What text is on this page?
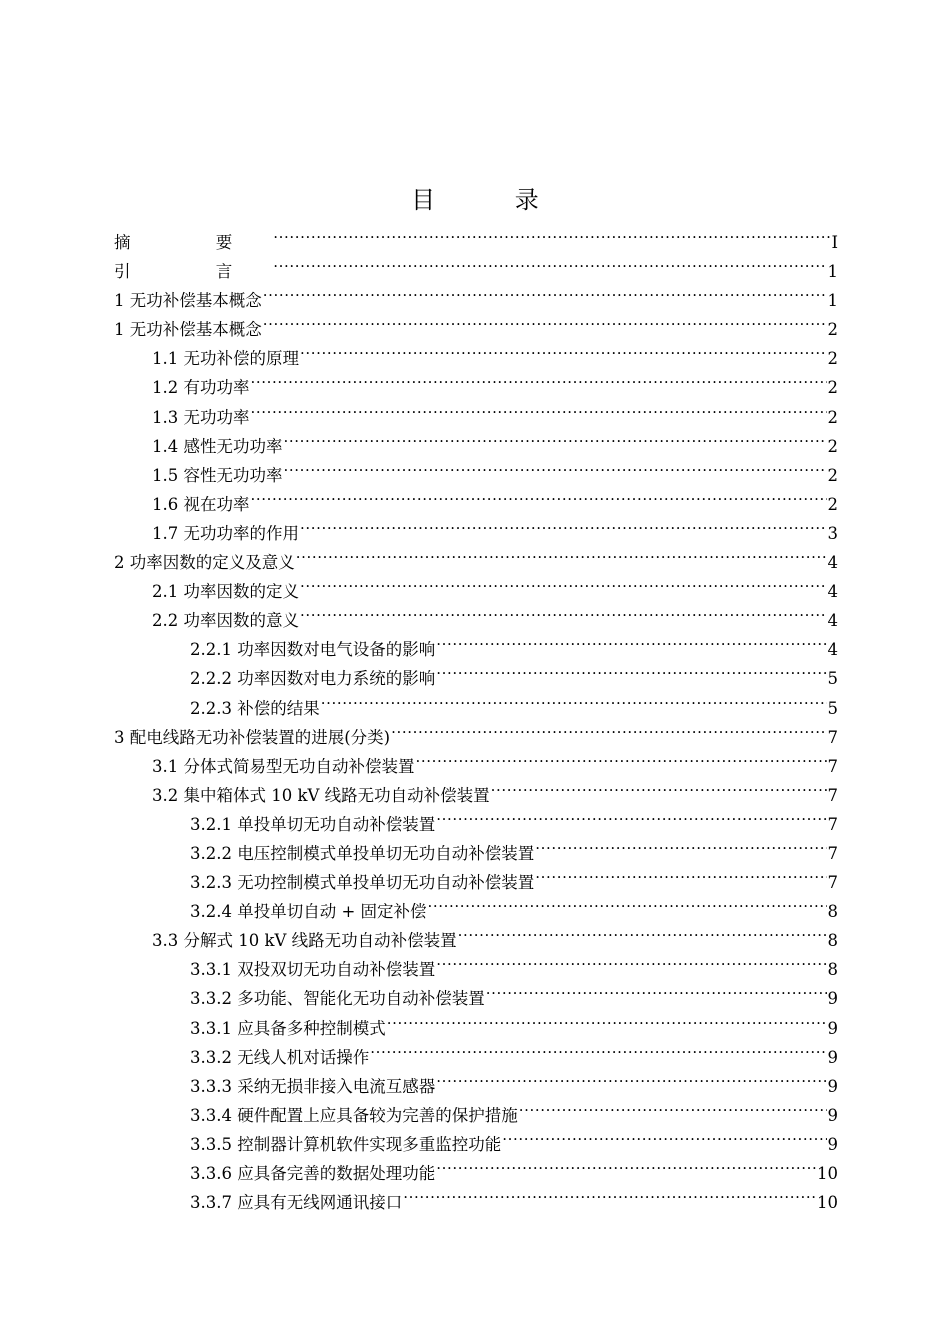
目 录
摘 要 .....	I
引 言 .....	1
1 无功补偿基本概念 .....	1
1 无功补偿基本概念 .....	2
1.1 无功补偿的原理 .....	2
1.2 有功功率 .....	2
1.3 无功功率 .....	2
1.4 感性无功功率 .....	2
1.5 容性无功功率 .....	2
1.6 视在功率 .....	2
1.7 无功功率的作用 .....	3
2 功率因数的定义及意义 .....	4
2.1 功率因数的定义 .....	4
2.2 功率因数的意义 .....	4
2.2.1 功率因数对电气设备的影响 .....	4
2.2.2 功率因数对电力系统的影响 .....	5
2.2.3 补偿的结果 .....	5
3 配电线路无功补偿装置的进展(分类) .....	7
3.1 分体式简易型无功自动补偿装置 .....	7
3.2 集中箱体式 10 kV 线路无功自动补偿装置 .....	7
3.2.1 单投单切无功自动补偿装置 .....	7
3.2.2 电压控制模式单投单切无功自动补偿装置 .....	7
3.2.3 无功控制模式单投单切无功自动补偿装置 .....	7
3.2.4 单投单切自动 + 固定补偿 .....	8
3.3 分解式 10 kV 线路无功自动补偿装置 .....	8
3.3.1 双投双切无功自动补偿装置 .....	8
3.3.2 多功能、智能化无功自动补偿装置 .....	9
3.3.1 应具备多种控制模式 .....	9
3.3.2 无线人机对话操作 .....	9
3.3.3 采纳无损非接入电流互感器 .....	9
3.3.4 硬件配置上应具备较为完善的保护措施 .....	9
3.3.5 控制器计算机软件实现多重监控功能 .....	9
3.3.6 应具备完善的数据处理功能 .....	10
3.3.7 应具有无线网通讯接口 .....	10
